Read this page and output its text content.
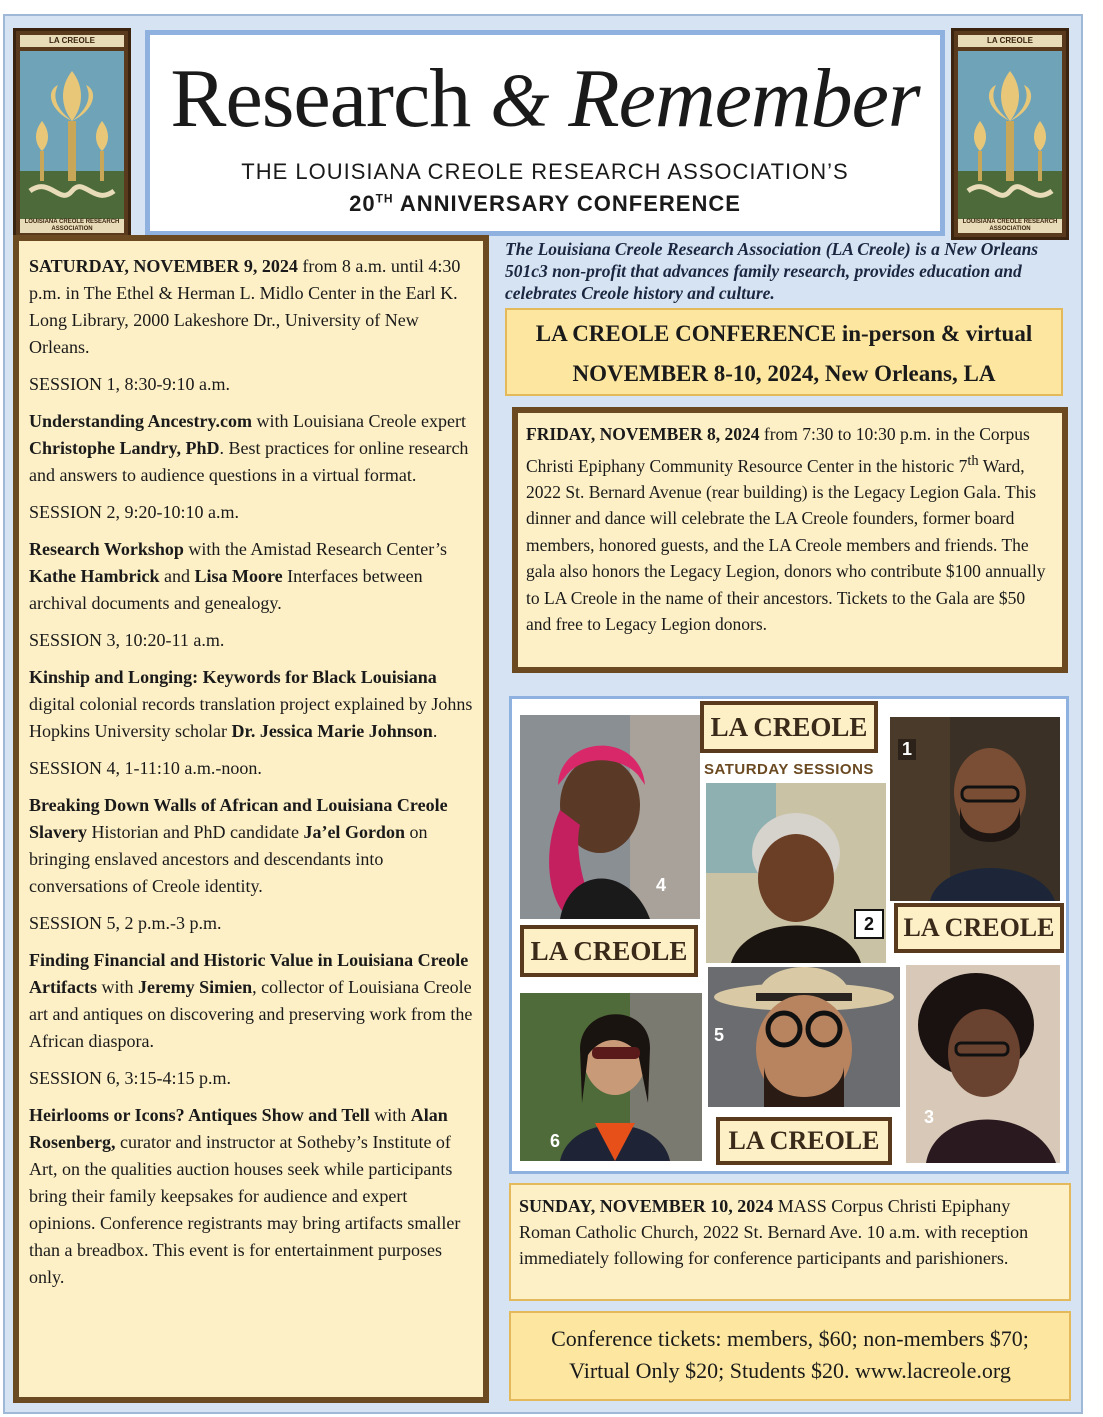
LA CREOLE
LOUISIANA CREOLE RESEARCH ASSOCIATION
Research & Remember
THE LOUISIANA CREOLE RESEARCH ASSOCIATION’S
20TH ANNIVERSARY CONFERENCE
LA CREOLE
LOUISIANA CREOLE RESEARCH ASSOCIATION

SATURDAY, NOVEMBER 9, 2024 from 8 a.m. until 4:30 p.m. in The Ethel & Herman L. Midlo Center in the Earl K. Long Library, 2000 Lakeshore Dr., University of New Orleans.

SESSION 1, 8:30-9:10 a.m.

Understanding Ancestry.com with Louisiana Creole expert Christophe Landry, PhD. Best practices for online research and answers to audience questions in a virtual format.

SESSION 2, 9:20-10:10 a.m.

Research Workshop with the Amistad Research Center’s Kathe Hambrick and Lisa Moore Interfaces between archival documents and genealogy.

SESSION 3, 10:20-11 a.m.

Kinship and Longing: Keywords for Black Louisiana digital colonial records translation project explained by Johns Hopkins University scholar Dr. Jessica Marie Johnson.

SESSION 4, 1-11:10 a.m.-noon.

Breaking Down Walls of African and Louisiana Creole Slavery Historian and PhD candidate Ja’el Gordon on bringing enslaved ancestors and descendants into conversations of Creole identity.

SESSION 5, 2 p.m.-3 p.m.

Finding Financial and Historic Value in Louisiana Creole Artifacts with Jeremy Simien, collector of Louisiana Creole art and antiques on discovering and preserving work from the African diaspora.

SESSION 6, 3:15-4:15 p.m.

Heirlooms or Icons? Antiques Show and Tell with Alan Rosenberg, curator and instructor at Sotheby’s Institute of Art, on the qualities auction houses seek while participants bring their family keepsakes for audience and expert opinions. Conference registrants may bring artifacts smaller than a breadbox. This event is for entertainment purposes only.

The Louisiana Creole Research Association (LA Creole) is a New Orleans 501c3 non-profit that advances family research, provides education and celebrates Creole history and culture.
LA CREOLE CONFERENCE in-person & virtual
NOVEMBER 8-10, 2024, New Orleans, LA
FRIDAY, NOVEMBER 8, 2024 from 7:30 to 10:30 p.m. in the Corpus Christi Epiphany Community Resource Center in the historic 7th Ward, 2022 St. Bernard Avenue (rear building) is the Legacy Legion Gala. This dinner and dance will celebrate the LA Creole founders, former board members, honored guests, and the LA Creole members and friends. The gala also honors the Legacy Legion, donors who contribute $100 annually to LA Creole in the name of their ancestors. Tickets to the Gala are $50 and free to Legacy Legion donors.
4
LA CREOLE
SATURDAY SESSIONS
2
1
LA CREOLE
LA CREOLE
6
5
LA CREOLE
3
SUNDAY, NOVEMBER 10, 2024 MASS Corpus Christi Epiphany Roman Catholic Church, 2022 St. Bernard Ave. 10 a.m. with reception immediately following for conference participants and parishioners.
Conference tickets: members, $60; non-members $70;
Virtual Only $20; Students $20. www.lacreole.org
